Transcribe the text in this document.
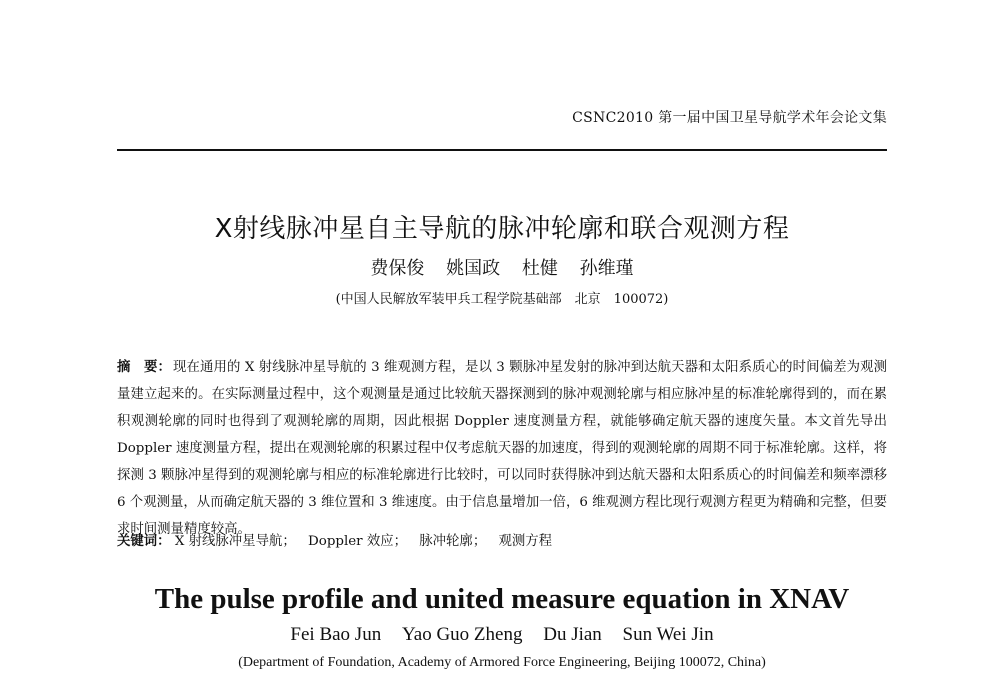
CSNC2010 第一届中国卫星导航学术年会论文集
X射线脉冲星自主导航的脉冲轮廓和联合观测方程
费保俊 姚国政 杜健 孙维瑾
(中国人民解放军装甲兵工程学院基础部　北京　100072)
摘　要： 现在通用的 X 射线脉冲星导航的 3 维观测方程，是以 3 颗脉冲星发射的脉冲到达航天器和太阳系质心的时间偏差为观测量建立起来的。在实际测量过程中，这个观测量是通过比较航天器探测到的脉冲观测轮廓与相应脉冲星的标准轮廓得到的，而在累积观测轮廓的同时也得到了观测轮廓的周期，因此根据 Doppler 速度测量方程，就能够确定航天器的速度矢量。本文首先导出 Doppler 速度测量方程，提出在观测轮廓的积累过程中仅考虑航天器的加速度，得到的观测轮廓的周期不同于标准轮廓。这样，将探测 3 颗脉冲星得到的观测轮廓与相应的标准轮廓进行比较时，可以同时获得脉冲到达航天器和太阳系质心的时间偏差和频率漂移 6 个观测量，从而确定航天器的 3 维位置和 3 维速度。由于信息量增加一倍，6 维观测方程比现行观测方程更为精确和完整，但要求时间测量精度较高。
关键词： X 射线脉冲星导航； Doppler 效应； 脉冲轮廓； 观测方程
The pulse profile and united measure equation in XNAV
Fei Bao Jun Yao Guo Zheng Du Jian Sun Wei Jin
(Department of Foundation, Academy of Armored Force Engineering, Beijing 100072, China)
